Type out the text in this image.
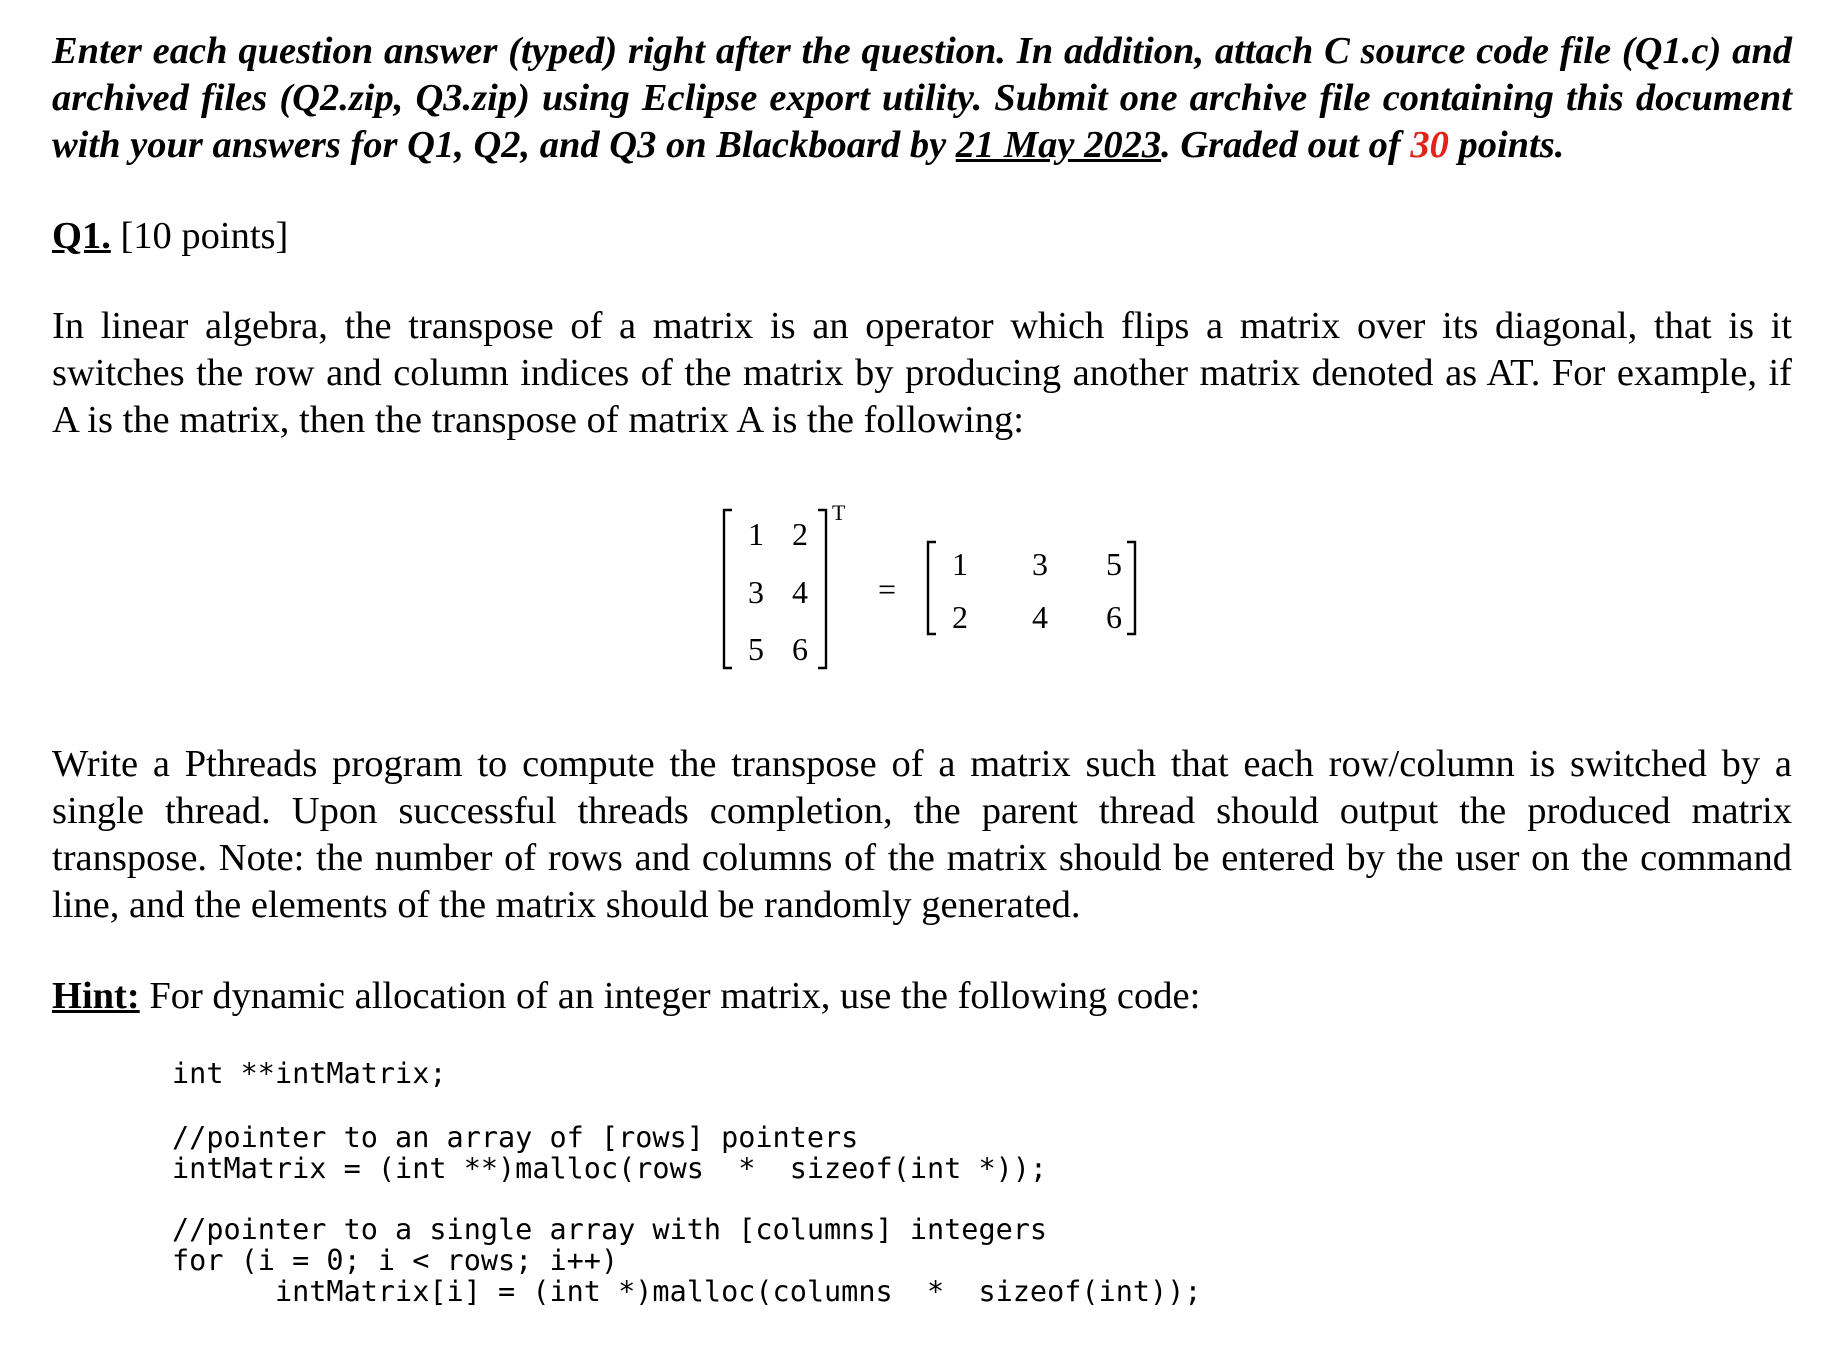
Enter each question answer (typed) right after the question. In addition, attach C source code file (Q1.c) and archived files (Q2.zip, Q3.zip) using Eclipse export utility. Submit one archive file containing this document with your answers for Q1, Q2, and Q3 on Blackboard by 21 May 2023. Graded out of 30 points.
Q1. [10 points]
In linear algebra, the transpose of a matrix is an operator which flips a matrix over its diagonal, that is it switches the row and column indices of the matrix by producing another matrix denoted as AT. For example, if A is the matrix, then the transpose of matrix A is the following:
1 2
3 4
5 6
T
=
1 3 5
2 4 6
Write a Pthreads program to compute the transpose of a matrix such that each row/column is switched by a single thread. Upon successful threads completion, the parent thread should output the produced matrix transpose. Note: the number of rows and columns of the matrix should be entered by the user on the command line, and the elements of the matrix should be randomly generated.
Hint: For dynamic allocation of an integer matrix, use the following code:
int **intMatrix;
//pointer to an array of [rows] pointers
intMatrix = (int **)malloc(rows  *  sizeof(int *));
//pointer to a single array with [columns] integers
for (i = 0; i < rows; i++)
intMatrix[i] = (int *)malloc(columns  *  sizeof(int));
